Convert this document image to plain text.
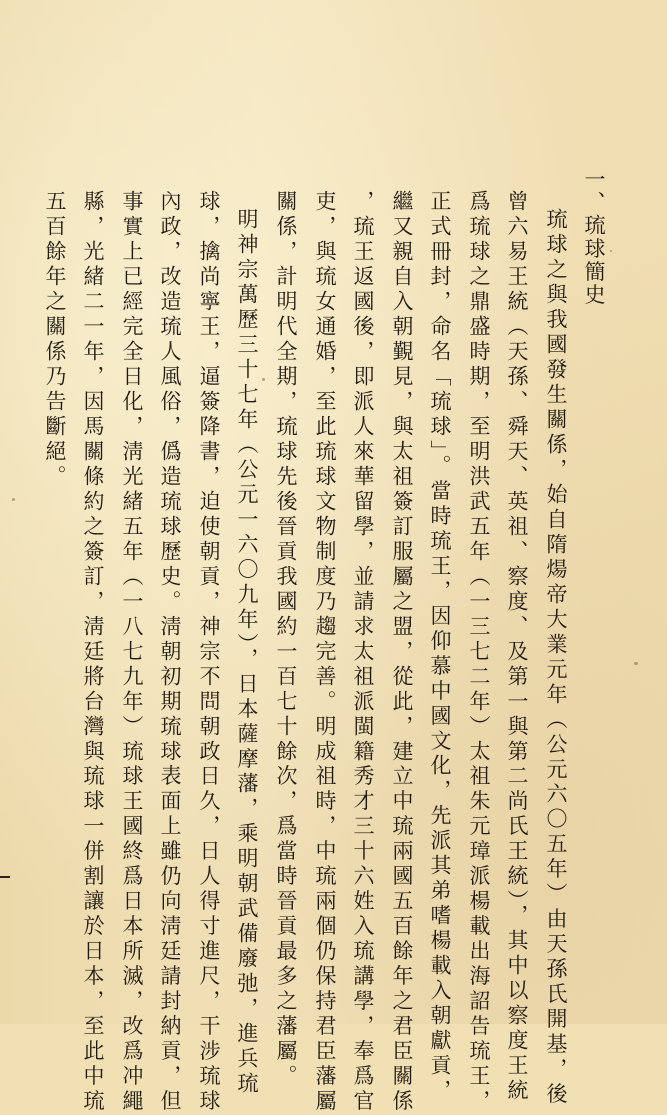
一、琉球簡史
琉球之與我國發生關係，始自隋煬帝大業元年（公元六〇五年）由天孫氏開基，後
曾六易王統（天孫、舜天、英祖、察度、及第一與第二尚氏王統），其中以察度王統
爲琉球之鼎盛時期，至明洪武五年（一三七二年）太祖朱元璋派楊載出海詔告琉王，
正式冊封，命名「琉球」。當時琉王，因仰慕中國文化，先派其弟嗜楊載入朝獻貢，
繼又親自入朝覲見，與太祖簽訂服屬之盟，從此，建立中琉兩國五百餘年之君臣關係
，琉王返國後，即派人來華留學，並請求太祖派閩籍秀才三十六姓入琉講學，奉爲官
吏，與琉女通婚，至此琉球文物制度乃趨完善。明成祖時，中琉兩個仍保持君臣藩屬
關係，計明代全期，琉球先後晉貢我國約一百七十餘次，爲當時晉貢最多之藩屬。
明神宗萬歷三十七年（公元一六〇九年），日本薩摩藩，乘明朝武備廢弛，進兵琉
球，擒尚寧王，逼簽降書，迫使朝貢，神宗不問朝政日久，日人得寸進尺，干涉琉球
內政，改造琉人風俗，僞造琉球歷史。淸朝初期琉球表面上雖仍向淸廷請封納貢，但
事實上已經完全日化，淸光緒五年（一八七九年）琉球王國終爲日本所滅，改爲冲繩
縣，光緒二一年，因馬關條約之簽訂，淸廷將台灣與琉球一併割讓於日本，至此中琉
五百餘年之關係乃告斷絕。
